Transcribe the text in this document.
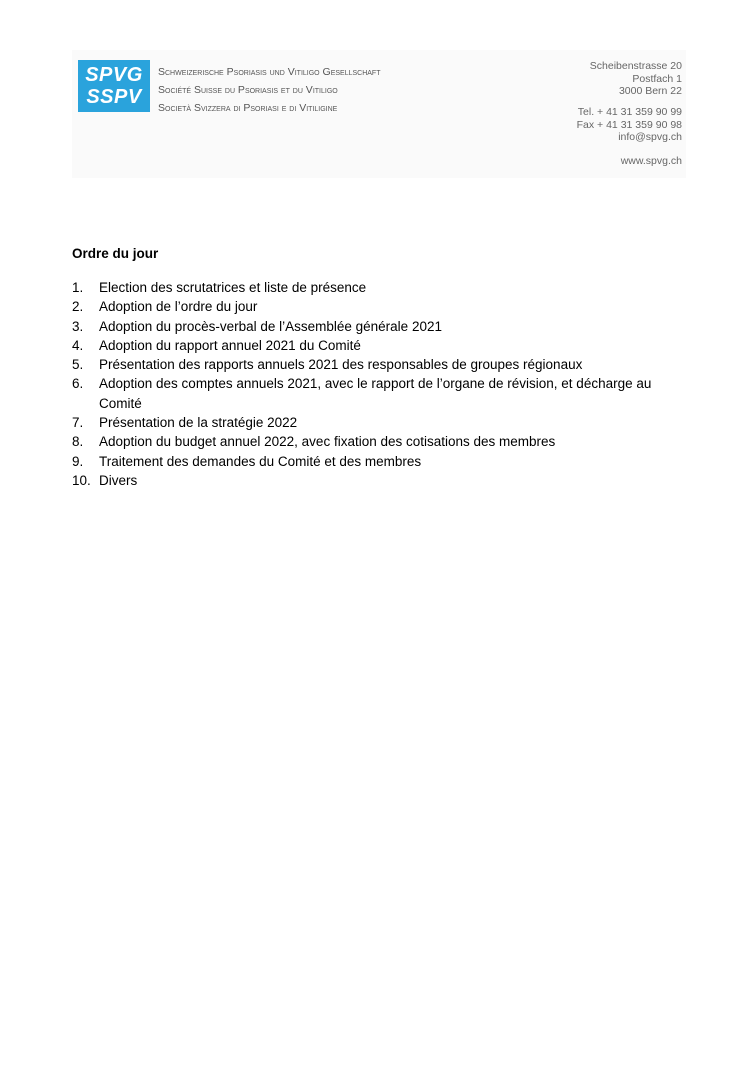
SPVG
SSPV
Schweizerische Psoriasis und Vitiligo Gesellschaft
Société Suisse du Psoriasis et du Vitiligo
Società Svizzera di Psoriasi e di Vitiligine
Scheibenstrasse 20
Postfach 1
3000 Bern 22
Tel. + 41 31 359 90 99
Fax + 41 31 359 90 98
info@spvg.ch
www.spvg.ch
Ordre du jour
1.	Election des scrutatrices et liste de présence
2.	Adoption de l’ordre du jour
3.	Adoption du procès-verbal de l’Assemblée générale 2021
4.	Adoption du rapport annuel 2021 du Comité
5.	Présentation des rapports annuels 2021 des responsables de groupes régionaux
6.	Adoption des comptes annuels 2021, avec le rapport de l’organe de révision, et décharge au Comité
7.	Présentation de la stratégie 2022
8.	Adoption du budget annuel 2022, avec fixation des cotisations des membres
9.	Traitement des demandes du Comité et des membres
10. Divers
